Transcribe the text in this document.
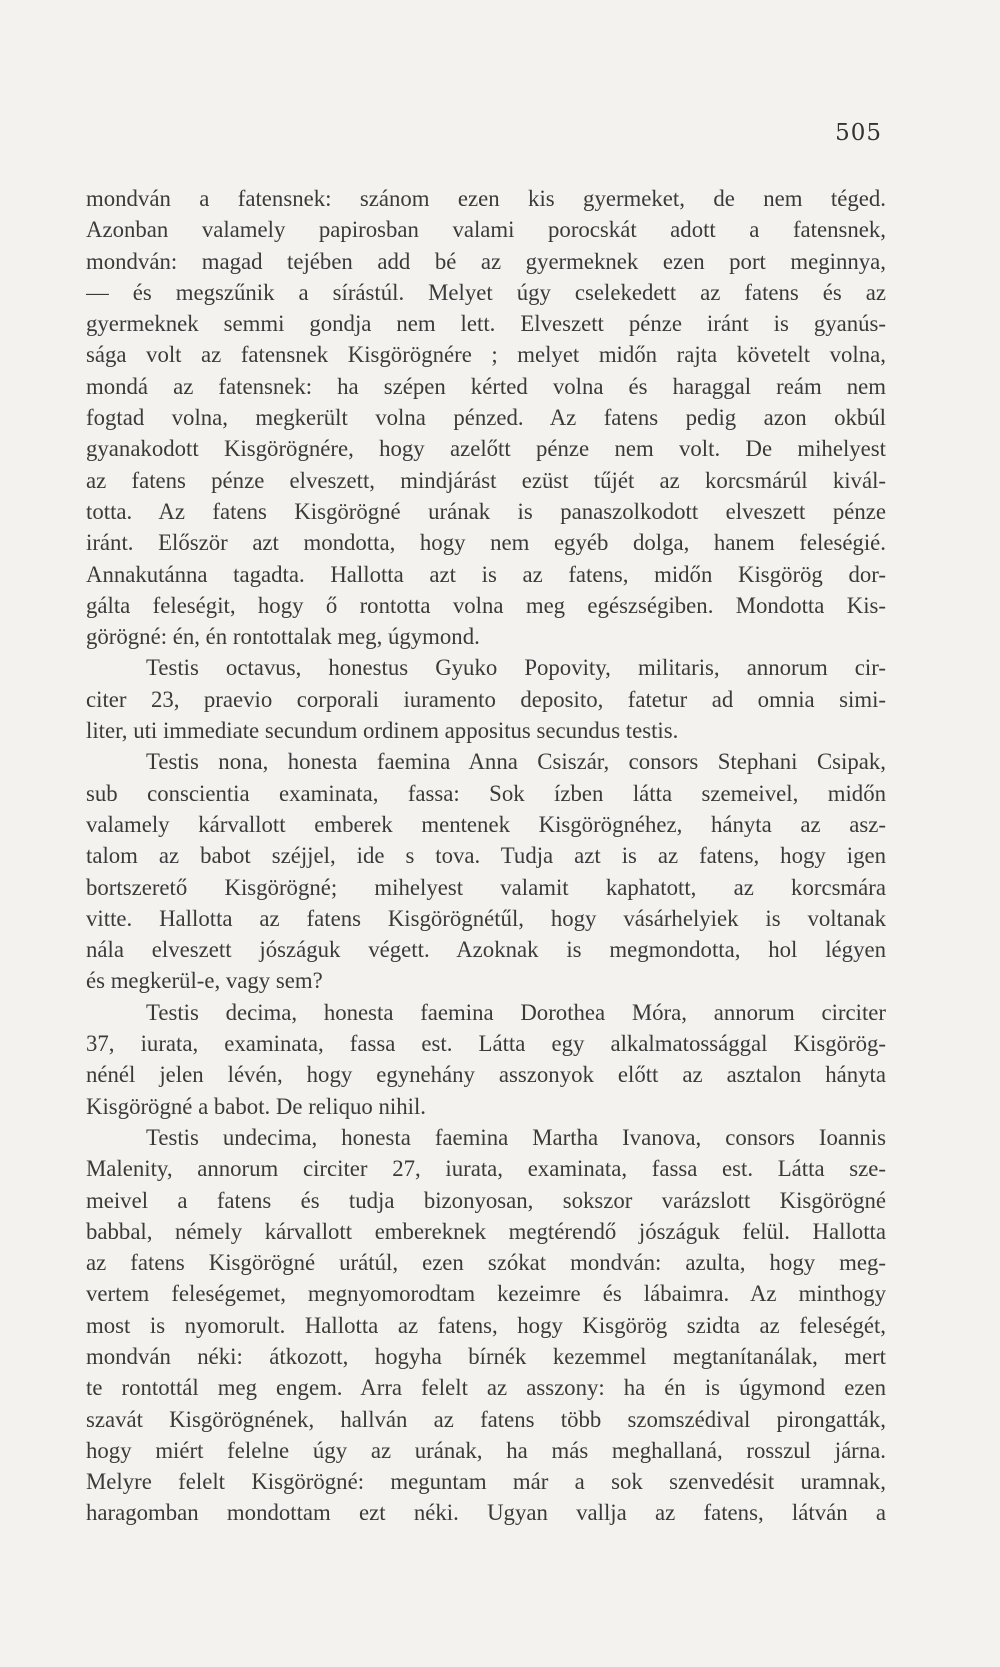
505
mondván a fatensnek: szánom ezen kis gyermeket, de nem téged.
Azonban valamely papirosban valami porocskát adott a fatensnek,
mondván: magad tejében add bé az gyermeknek ezen port meginnya,
— és megszűnik a sírástúl. Melyet úgy cselekedett az fatens és az
gyermeknek semmi gondja nem lett. Elveszett pénze iránt is gyanús-
sága volt az fatensnek Kisgörögnére ; melyet midőn rajta követelt volna,
mondá az fatensnek: ha szépen kérted volna és haraggal reám nem
fogtad volna, megkerült volna pénzed. Az fatens pedig azon okbúl
gyanakodott Kisgörögnére, hogy azelőtt pénze nem volt. De mihelyest
az fatens pénze elveszett, mindjárást ezüst tűjét az korcsmárúl kivál-
totta. Az fatens Kisgörögné urának is panaszolkodott elveszett pénze
iránt. Először azt mondotta, hogy nem egyéb dolga, hanem feleségié.
Annakutánna tagadta. Hallotta azt is az fatens, midőn Kisgörög dor-
gálta feleségit, hogy ő rontotta volna meg egészségiben. Mondotta Kis-
görögné: én, én rontottalak meg, úgymond.
Testis octavus, honestus Gyuko Popovity, militaris, annorum cir-
citer 23, praevio corporali iuramento deposito, fatetur ad omnia simi-
liter, uti immediate secundum ordinem appositus secundus testis.
Testis nona, honesta faemina Anna Csiszár, consors Stephani Csipak,
sub conscientia examinata, fassa: Sok ízben látta szemeivel, midőn
valamely kárvallott emberek mentenek Kisgörögnéhez, hányta az asz-
talom az babot széjjel, ide s tova. Tudja azt is az fatens, hogy igen
bortszerető Kisgörögné; mihelyest valamit kaphatott, az korcsmára
vitte. Hallotta az fatens Kisgörögnétűl, hogy vásárhelyiek is voltanak
nála elveszett jószáguk végett. Azoknak is megmondotta, hol légyen
és megkerül-e, vagy sem?
Testis decima, honesta faemina Dorothea Móra, annorum circiter
37, iurata, examinata, fassa est. Látta egy alkalmatossággal Kisgörög-
nénél jelen lévén, hogy egynehány asszonyok előtt az asztalon hányta
Kisgörögné a babot. De reliquo nihil.
Testis undecima, honesta faemina Martha Ivanova, consors Ioannis
Malenity, annorum circiter 27, iurata, examinata, fassa est. Látta sze-
meivel a fatens és tudja bizonyosan, sokszor varázslott Kisgörögné
babbal, némely kárvallott embereknek megtérendő jószáguk felül. Hallotta
az fatens Kisgörögné urátúl, ezen szókat mondván: azulta, hogy meg-
vertem feleségemet, megnyomorodtam kezeimre és lábaimra. Az minthogy
most is nyomorult. Hallotta az fatens, hogy Kisgörög szidta az feleségét,
mondván néki: átkozott, hogyha bírnék kezemmel megtanítanálak, mert
te rontottál meg engem. Arra felelt az asszony: ha én is úgymond ezen
szavát Kisgörögnének, hallván az fatens több szomszédival pirongatták,
hogy miért felelne úgy az urának, ha más meghallaná, rosszul járna.
Melyre felelt Kisgörögné: meguntam már a sok szenvedésit uramnak,
haragomban mondottam ezt néki. Ugyan vallja az fatens, látván a
